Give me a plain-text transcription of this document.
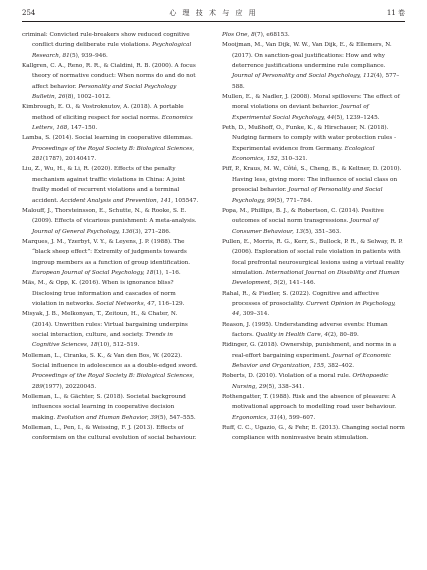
254	心 理 技 术 与 应 用	11 卷

criminal: Convicted rule-breakers show reduced cognitive conflict during deliberate rule violations. Psychological Research, 81(5), 939–946.

Kallgren, C. A., Reno, R. R., & Cialdini, R. B. (2000). A focus theory of normative conduct: When norms do and do not affect behavior. Personality and Social Psychology Bulletin, 26(8), 1002–1012.

Kimbrough, E. O., & Vostroknutov, A. (2018). A portable method of eliciting respect for social norms. Economics Letters, 168, 147–150.

Lamba, S. (2014). Social learning in cooperative dilemmas. Proceedings of the Royal Society B: Biological Sciences, 281(1787), 20140417.

Liu, Z., Wu, H., & Li, R. (2020). Effects of the penalty mechanism against traffic violations in China: A joint frailty model of recurrent violations and a terminal accident. Accident Analysis and Prevention, 141, 105547.

Malouff, J., Thorsteinsson, E., Schutte, N., & Rooke, S. E. (2009). Effects of vicarious punishment: A meta-analysis. Journal of General Psychology, 136(3), 271–286.

Marques, J. M., Yzerbyt, V. Y., & Leyens, J. P. (1988). The “black sheep effect”: Extremity of judgments towards ingroup members as a function of group identification. European Journal of Social Psychology, 18(1), 1–16.

Mäs, M., & Opp, K. (2016). When is ignorance bliss? Disclosing true information and cascades of norm violation in networks. Social Networks, 47, 116–129.

Misyak, J. B., Melkonyan, T., Zeitoun, H., & Chater, N. (2014). Unwritten rules: Virtual bargaining underpins social interaction, culture, and society. Trends in Cognitive Sciences, 18(10), 512–519.

Molleman, L., Ciranka, S. K., & Van den Bos, W. (2022). Social influence in adolescence as a double-edged sword. Proceedings of the Royal Society B: Biological Sciences, 289(1977), 20220045.

Molleman, L., & Gächter, S. (2018). Societal background influences social learning in cooperative decision making. Evolution and Human Behavior, 39(5), 547–555.

Molleman, L., Pen, I., & Weissing, F. J. (2013). Effects of conformism on the cultural evolution of social behaviour.

Plos One, 8(7), e68153.

Mooijman, M., Van Dijk, W. W., Van Dijk, E., & Ellemers, N. (2017). On sanction-goal justifications: How and why deterrence justifications undermine rule compliance. Journal of Personality and Social Psychology, 112(4), 577–588.

Mullen, E., & Nadler, J. (2008). Moral spillovers: The effect of moral violations on deviant behavior. Journal of Experimental Social Psychology, 44(5), 1239–1245.

Peth, D., Mußhoff, O., Funke, K., & Hirschauer, N. (2018). Nudging farmers to comply with water protection rules - Experimental evidence from Germany. Ecological Economics, 152, 310–321.

Piff, P., Kraus, M. W., Côté, S., Cheng, B., & Keltner, D. (2010). Having less, giving more: The influence of social class on prosocial behavior. Journal of Personality and Social Psychology, 99(5), 771–784.

Popa, M., Phillips, B. J., & Robertson, C. (2014). Positive outcomes of social norm transgressions. Journal of Consumer Behaviour, 13(5), 351–363.

Pullen, E., Morris, R. G., Kerr, S., Bullock, P. R., & Selway, R. P. (2006). Exploration of social rule violation in patients with focal prefrontal neurosurgical lesions using a virtual reality simulation. International Journal on Disability and Human Development, 5(2), 141–146.

Rahal, R., & Fiedler, S. (2022). Cognitive and affective processes of prosociality. Current Opinion in Psychology, 44, 309–314.

Reason, J. (1995). Understanding adverse events: Human factors. Quality in Health Care, 4(2), 80–89.

Ridinger, G. (2018). Ownership, punishment, and norms in a real-effort bargaining experiment. Journal of Economic Behavior and Organization, 155, 382–402.

Roberts, D. (2010). Violation of a moral rule. Orthopaedic Nursing, 29(5), 338–341.

Rothengatter, T. (1988). Risk and the absence of pleasure: A motivational approach to modelling road user behaviour. Ergonomics, 31(4), 599–607.

Ruff, C. C., Ugazio, G., & Fehr, E. (2013). Changing social norm compliance with noninvasive brain stimulation.
